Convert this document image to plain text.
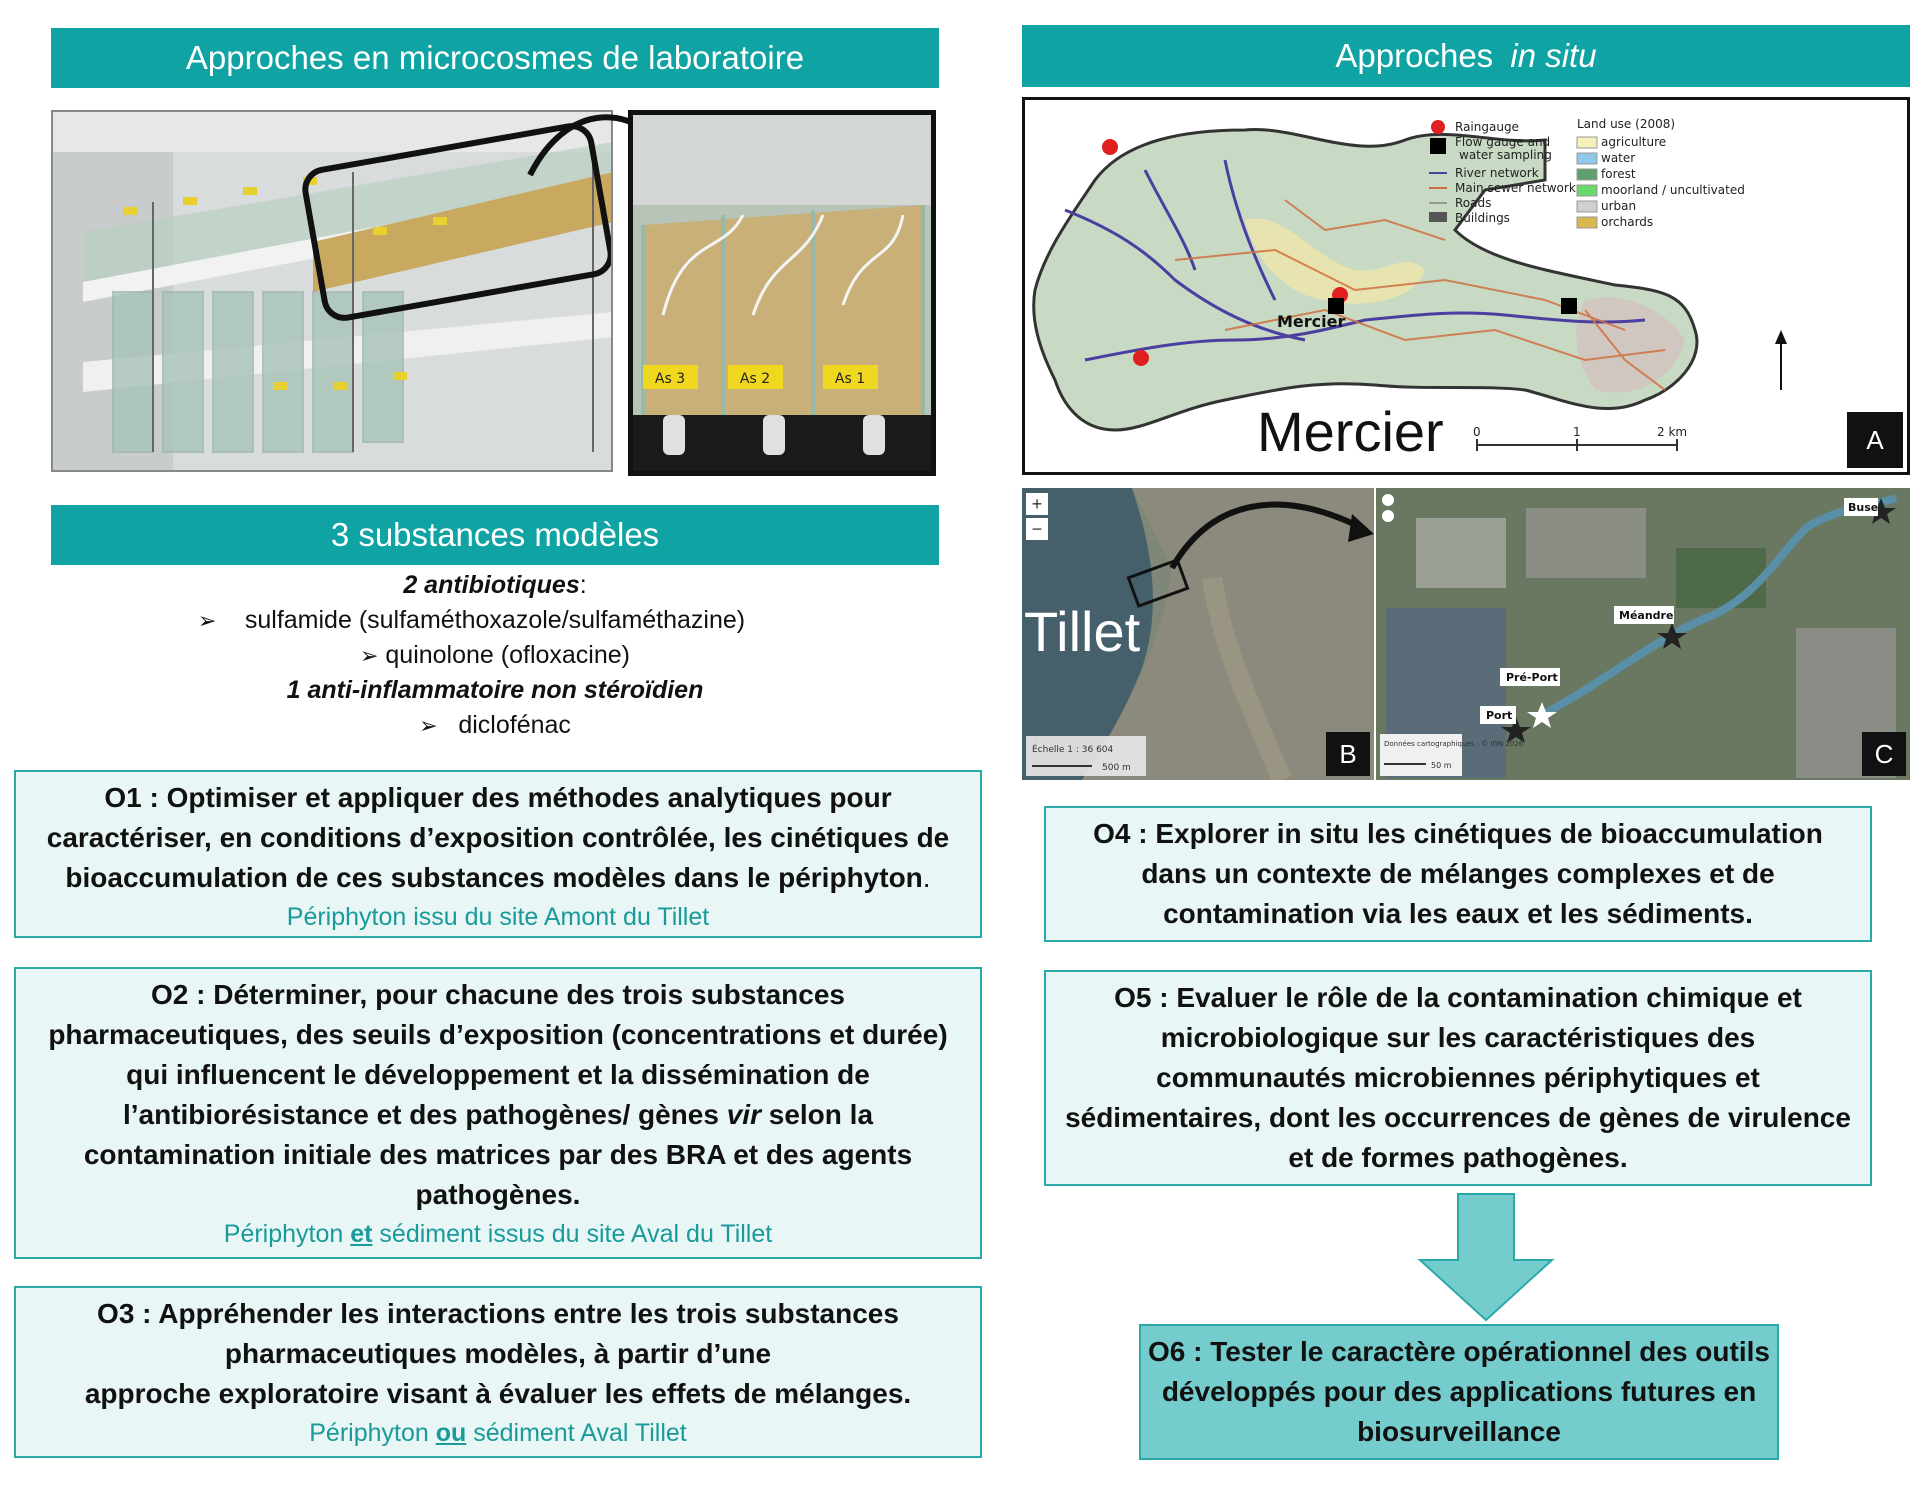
Approches en microcosmes de laboratoire
As 3	As 2	As 1
3 substances modèles
2 antibiotiques:
➢ sulfamide (sulfaméthoxazole/sulfaméthazine)
➢ quinolone (ofloxacine)
1 anti-inflammatoire non stéroïdien
➢ diclofénac
O1 : Optimiser et appliquer des méthodes analytiques pour
caractériser, en conditions d’exposition contrôlée, les cinétiques de
bioaccumulation de ces substances modèles dans le périphyton.
Périphyton issu du site Amont du Tillet
O2 : Déterminer, pour chacune des trois substances
pharmaceutiques, des seuils d’exposition (concentrations et durée)
qui influencent le développement et la dissémination de
l’antibiorésistance et des pathogènes/ gènes vir selon la
contamination initiale des matrices par des BRA et des agents
pathogènes.
Périphyton et sédiment issus du site Aval du Tillet
O3 : Appréhender les interactions entre les trois substances
pharmaceutiques modèles, à partir d’une
approche exploratoire visant à évaluer les effets de mélanges.
Périphyton ou sédiment Aval Tillet
Approches in situ
Mercier
Raingauge
Flow gauge and
water sampling
River network
Main sewer network
Roads
Buildings
Land use (2008)
agriculture
water
forest
moorland / uncultivated
urban
orchards
0	1	2 km
Mercier	A
+
−
Échelle 1 : 36 604
500 m
Tillet
B
Buse
Méandre
Pré-Port
Port
Données cartographiques : © IGN 2026
50 m	C
O4 : Explorer in situ les cinétiques de bioaccumulation
dans un contexte de mélanges complexes et de
contamination via les eaux et les sédiments.
O5 : Evaluer le rôle de la contamination chimique et
microbiologique sur les caractéristiques des
communautés microbiennes périphytiques et
sédimentaires, dont les occurrences de gènes de virulence
et de formes pathogènes.
O6 : Tester le caractère opérationnel des outils
développés pour des applications futures en
biosurveillance
